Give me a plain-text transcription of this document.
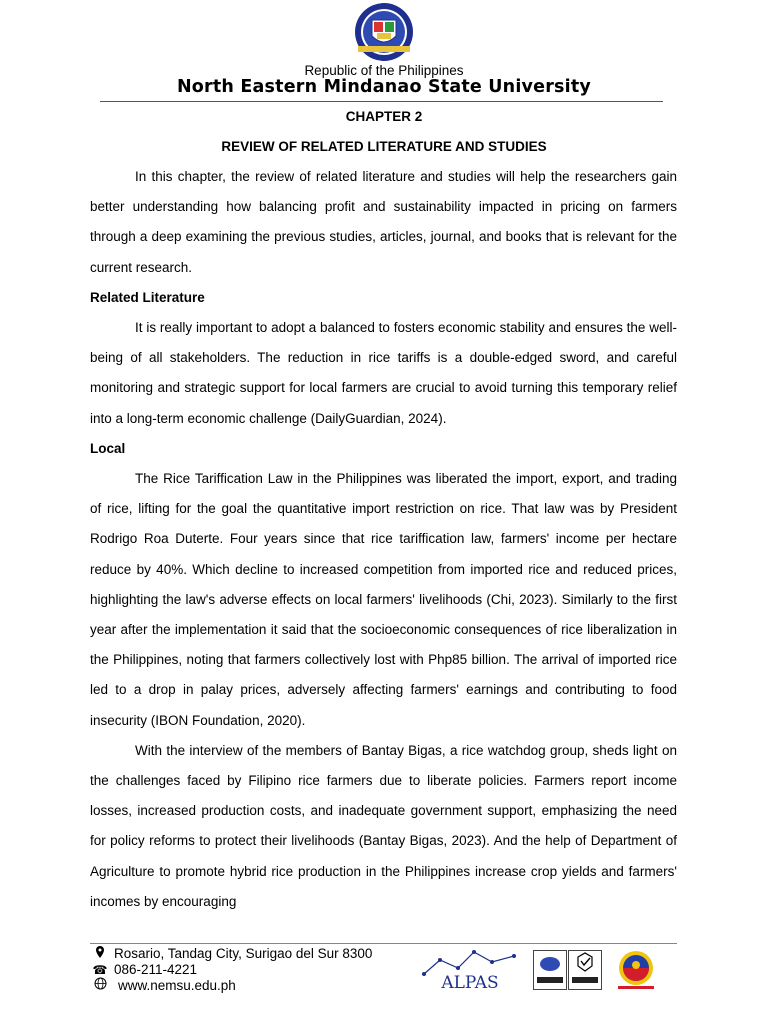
Republic of the Philippines
North Eastern Mindanao State University
CHAPTER 2
REVIEW OF RELATED LITERATURE AND STUDIES

In this chapter, the review of related literature and studies will help the researchers gain better understanding how balancing profit and sustainability impacted in pricing on farmers through a deep examining the previous studies, articles, journal, and books that is relevant for the current research.

Related Literature

It is really important to adopt a balanced to fosters economic stability and ensures the well-being of all stakeholders. The reduction in rice tariffs is a double-edged sword, and careful monitoring and strategic support for local farmers are crucial to avoid turning this temporary relief into a long-term economic challenge (DailyGuardian, 2024).

Local

The Rice Tariffication Law in the Philippines was liberated the import, export, and trading of rice, lifting for the goal the quantitative import restriction on rice. That law was by President Rodrigo Roa Duterte. Four years since that rice tariffication law, farmers' income per hectare reduce by 40%. Which decline to increased competition from imported rice and reduced prices, highlighting the law's adverse effects on local farmers' livelihoods (Chi, 2023). Similarly to the first year after the implementation it said that the socioeconomic consequences of rice liberalization in the Philippines, noting that farmers collectively lost with Php85 billion. The arrival of imported rice led to a drop in palay prices, adversely affecting farmers' earnings and contributing to food insecurity (IBON Foundation, 2020).

With the interview of the members of Bantay Bigas, a rice watchdog group, sheds light on the challenges faced by Filipino rice farmers due to liberate policies. Farmers report income losses, increased production costs, and inadequate government support, emphasizing the need for policy reforms to protect their livelihoods (Bantay Bigas, 2023). And the help of Department of Agriculture to promote hybrid rice production in the Philippines increase crop yields and farmers' incomes by encouraging

Rosario, Tandag City, Surigao del Sur 8300
☎ 086-211-4221
www.nemsu.edu.ph	ALPAS
